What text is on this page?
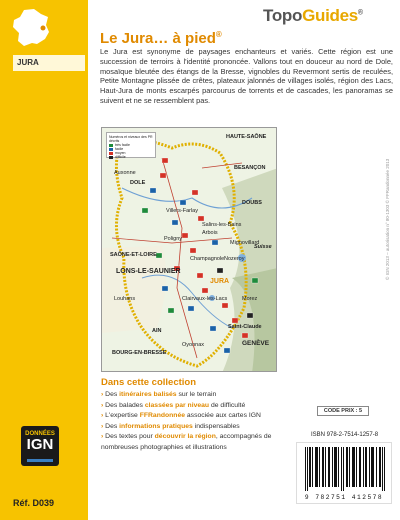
JURA
DONNÉES
IGN
Réf. D039
TopoGuides®
Le Jura… à pied®

Le Jura est synonyme de paysages enchanteurs et variés. Cette région est une succession de terroirs à l'identité prononcée. Vallons tout en douceur au nord de Dole, mosaïque bleutée des étangs de la Bresse, vignobles du Revermont sertis de reculées, Petite Montagne plissée de crêtes, plateaux jalonnés de villages isolés, région des Lacs, Haut-Jura de monts escarpés parcourus de torrents et de cascades, les panoramas se suivent et ne se ressemblent pas.

Numéros et niveaux des PR décrits
très facile
facile
moyen
difficile
HAUTE-SAÔNE
BESANÇON
Auxonne
DOLE
Villers-Farlay
Salins-les-Bains
Arbois
DOUBS
Nozeroy
Poligny
Mignovillard
Champagnole
SAÔNE-ET-LOIRE
LONS-LE-SAUNIER
Louhans	Clairvaux-les-Lacs	Morez
Saint-Claude
GENÈVE
BOURG-EN-BRESSE
AIN
Oyonnax
JURA
Suisse	© IGN 2013 – autorisation n° 80-1303 © FFRandonnée 2013
Dans cette collection
› Des itinéraires balisés sur le terrain
› Des balades classées par niveau de difficulté
› L'expertise FFRandonnée associée aux cartes IGN
› Des informations pratiques indispensables
› Des textes pour découvrir la région, accompagnés de nombreuses photographies et illustrations
CODE PRIX : 5
ISBN 978-2-7514-1257-8
9 782751 412578
